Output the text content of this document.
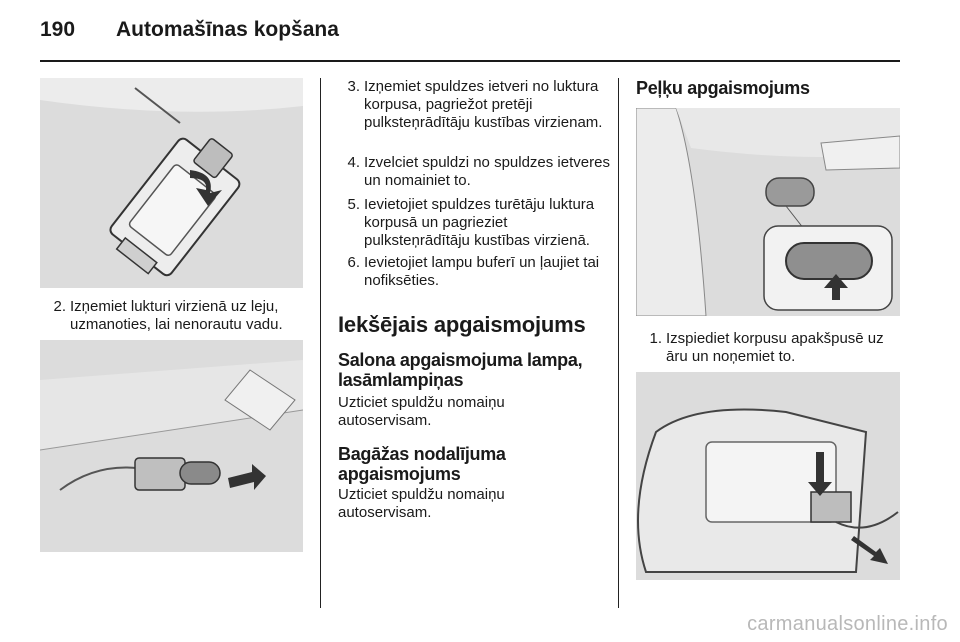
190	Automašīnas kopšana
2. Izņemiet lukturi virzienā uz leju, uzmanoties, lai nenorautu vadu.
3. Izņemiet spuldzes ietveri no luktura korpusa, pagriežot pretēji pulksteņrādītāju kustības virzienam.
4. Izvelciet spuldzi no spuldzes ietveres un nomainiet to.
5. Ievietojiet spuldzes turētāju luktura korpusā un pagrieziet pulksteņrādītāju kustības virzienā.
6. Ievietojiet lampu buferī un ļaujiet tai nofiksēties.
Iekšējais apgaismojums
Salona apgaismojuma lampa, lasāmlampiņas
Uzticiet spuldžu nomaiņu autoservisam.
Bagāžas nodalījuma apgaismojums
Uzticiet spuldžu nomaiņu autoservisam.
Peļķu apgaismojums
1. Izspiediet korpusu apakšpusē uz āru un noņemiet to.
carmanualsonline.info
